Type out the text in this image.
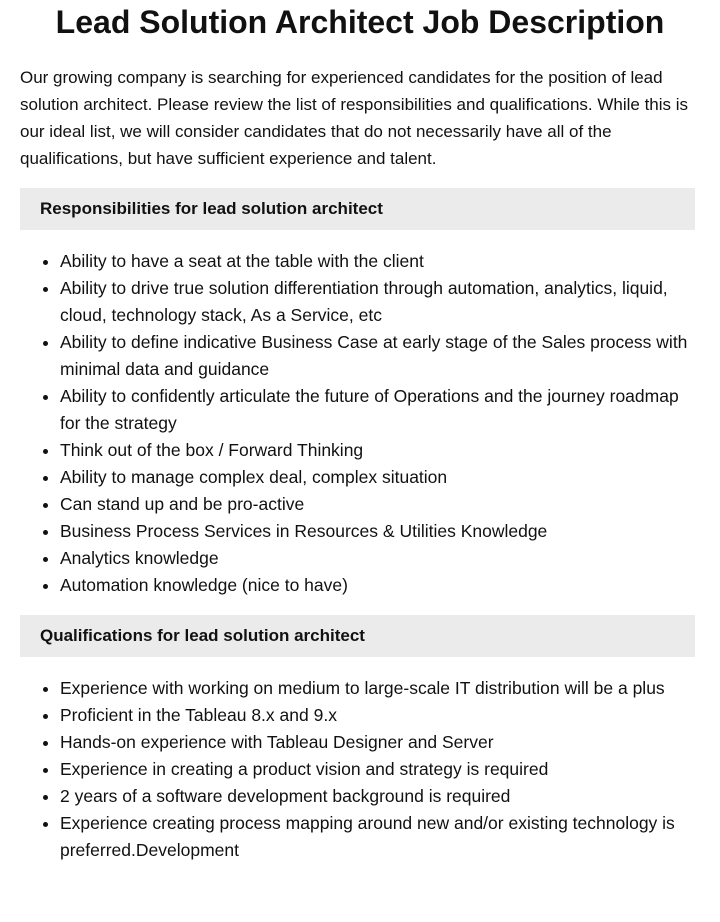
Lead Solution Architect Job Description

Our growing company is searching for experienced candidates for the position of lead solution architect. Please review the list of responsibilities and qualifications. While this is our ideal list, we will consider candidates that do not necessarily have all of the qualifications, but have sufficient experience and talent.

Responsibilities for lead solution architect
• Ability to have a seat at the table with the client
• Ability to drive true solution differentiation through automation, analytics, liquid, cloud, technology stack, As a Service, etc
• Ability to define indicative Business Case at early stage of the Sales process with minimal data and guidance
• Ability to confidently articulate the future of Operations and the journey roadmap for the strategy
• Think out of the box / Forward Thinking
• Ability to manage complex deal, complex situation
• Can stand up and be pro-active
• Business Process Services in Resources & Utilities Knowledge
• Analytics knowledge
• Automation knowledge (nice to have)
Qualifications for lead solution architect
• Experience with working on medium to large-scale IT distribution will be a plus
• Proficient in the Tableau 8.x and 9.x
• Hands-on experience with Tableau Designer and Server
• Experience in creating a product vision and strategy is required
• 2 years of a software development background is required
• Experience creating process mapping around new and/or existing technology is preferred.Development
